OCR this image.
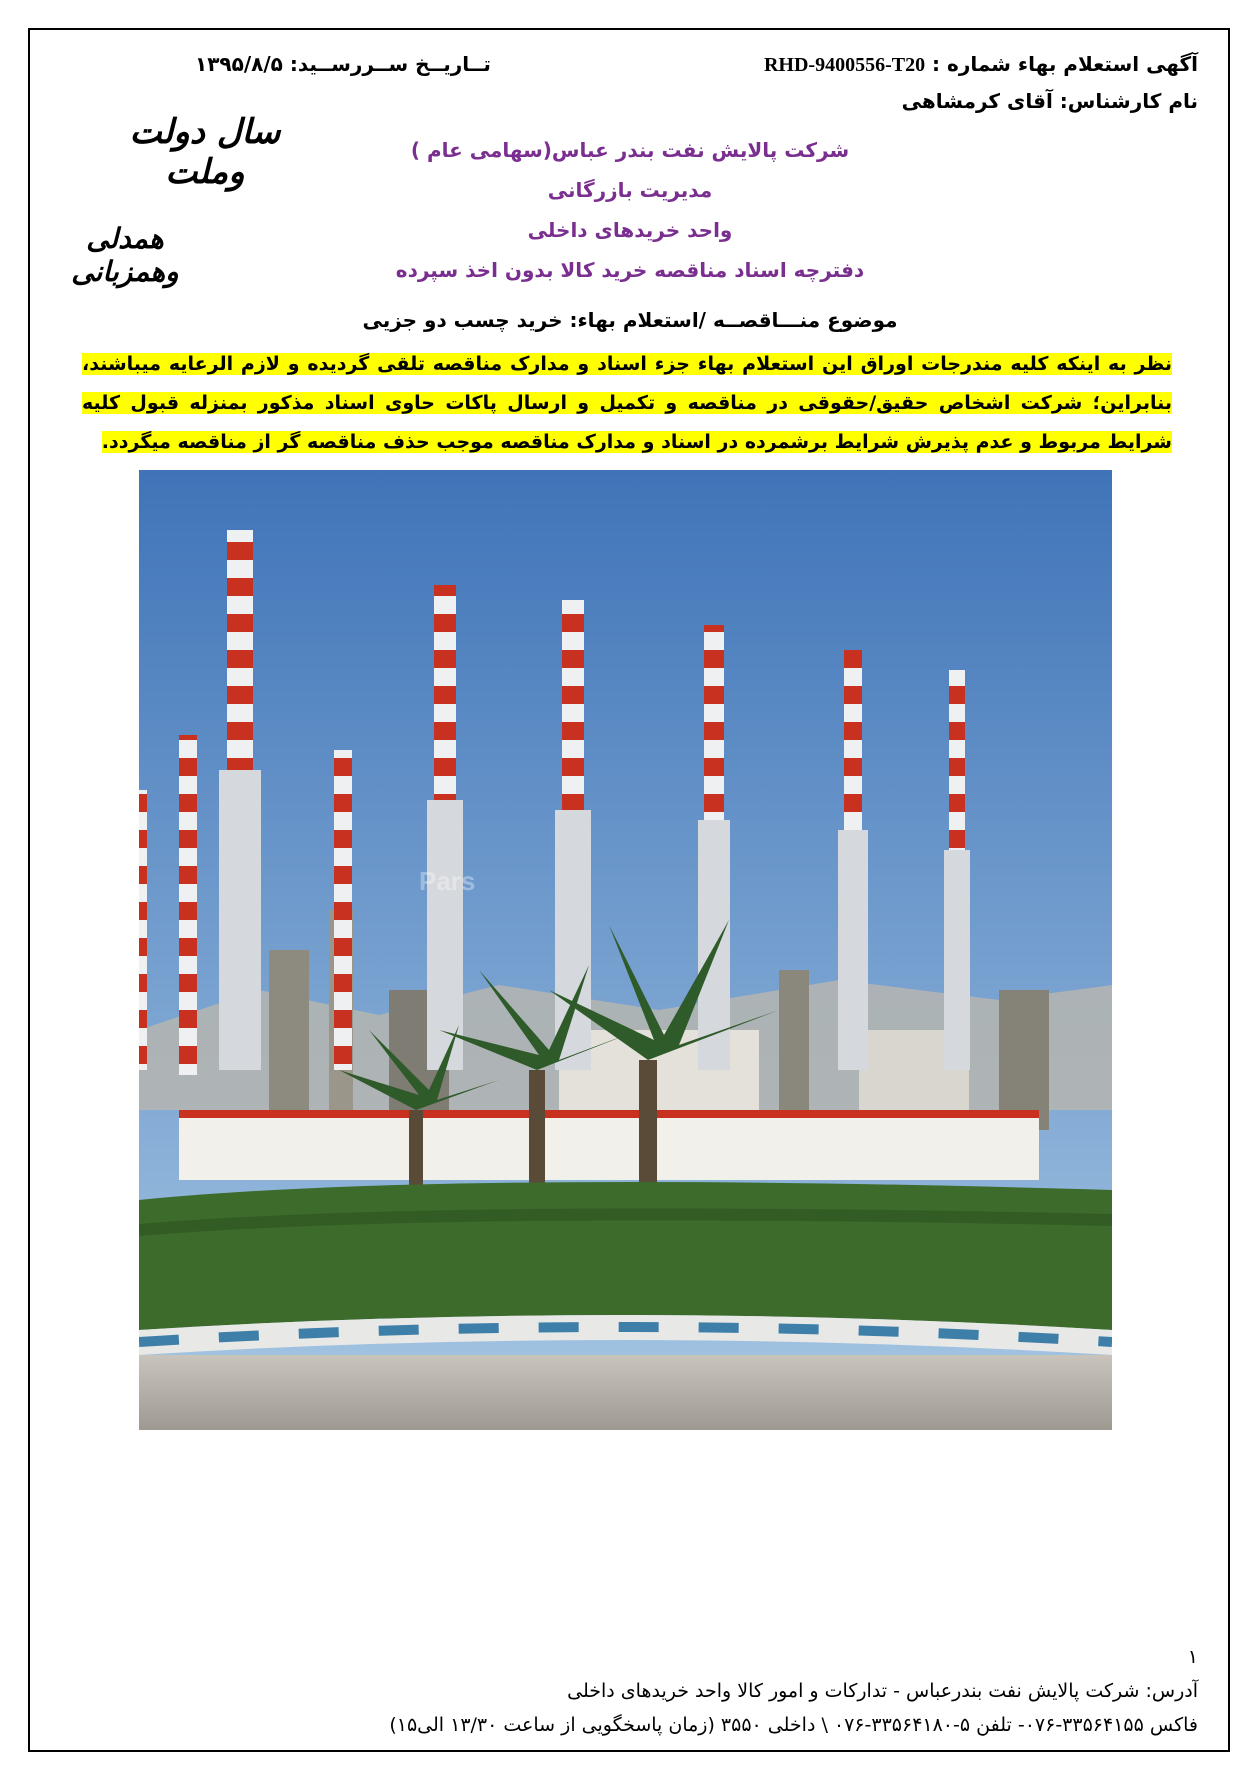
آگهی استعلام بهاء شماره : RHD-9400556-T20
نام کارشناس: آقای کرمشاهی
تــاریــخ ســررســید: ۱۳۹۵/۸/۵
سال دولت وملت
همدلی وهمزبانی
شرکت پالایش نفت بندر عباس(سهامی عام )
مدیریت بازرگانی
واحد خریدهای داخلی
دفترچه اسناد مناقصه خرید کالا بدون اخذ سپرده
موضوع منـــاقصــه /استعلام بهاء: خرید چسب دو جزیی
نظر به اینکه کلیه مندرجات اوراق این استعلام بهاء جزء اسناد و مدارک مناقصه تلقی گردیده و لازم الرعایه میباشند، بنابراین؛ شرکت اشخاص حقیق/حقوقی در مناقصه و تکمیل و ارسال پاکات حاوی اسناد مذکور بمنزله قبول کلیه شرایط مربوط و عدم پذیرش شرایط برشمرده در اسناد و مدارک مناقصه موجب حذف مناقصه گر از مناقصه میگردد.
Pars
۱
آدرس: شرکت پالایش نفت بندرعباس - تدارکات و امور کالا واحد خریدهای داخلی
فاکس ۳۳۵۶۴۱۵۵-۰۷۶- تلفن ۵-۳۳۵۶۴۱۸۰-۰۷۶ \ داخلی ۳۵۵۰ (زمان پاسخگویی از ساعت ۱۳/۳۰ الی۱۵)
